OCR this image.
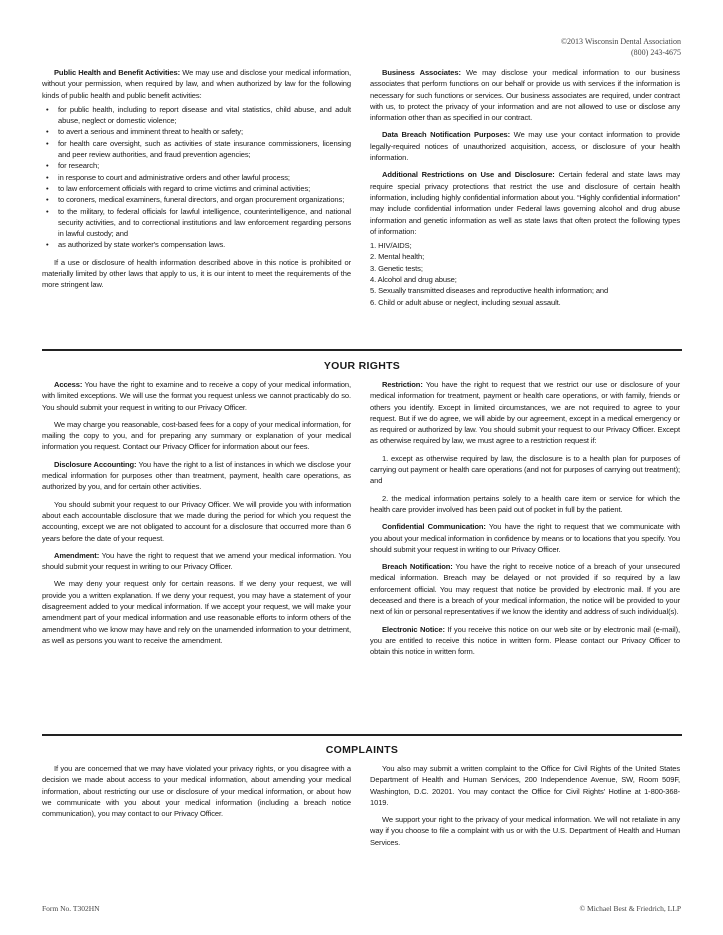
©2013 Wisconsin Dental Association
(800) 243-4675

Public Health and Benefit Activities: We may use and disclose your medical information, without your permission, when required by law, and when authorized by law for the following kinds of public health and public benefit activities:

• for public health, including to report disease and vital statistics, child abuse, and adult abuse, neglect or domestic violence;
• to avert a serious and imminent threat to health or safety;
• for health care oversight, such as activities of state insurance commissioners, licensing and peer review authorities, and fraud prevention agencies;
• for research;
• in response to court and administrative orders and other lawful process;
• to law enforcement officials with regard to crime victims and criminal activities;
• to coroners, medical examiners, funeral directors, and organ procurement organizations;
• to the military, to federal officials for lawful intelligence, counterintelligence, and national security activities, and to correctional institutions and law enforcement regarding persons in lawful custody; and
• as authorized by state worker's compensation laws.

If a use or disclosure of health information described above in this notice is prohibited or materially limited by other laws that apply to us, it is our intent to meet the requirements of the more stringent law.

Business Associates: We may disclose your medical information to our business associates that perform functions on our behalf or provide us with services if the information is necessary for such functions or services. Our business associates are required, under contract with us, to protect the privacy of your information and are not allowed to use or disclose any information other than as specified in our contract.

Data Breach Notification Purposes: We may use your contact information to provide legally-required notices of unauthorized acquisition, access, or disclosure of your health information.

Additional Restrictions on Use and Disclosure: Certain federal and state laws may require special privacy protections that restrict the use and disclosure of certain health information, including highly confidential information about you. “Highly confidential information” may include confidential information under Federal laws governing alcohol and drug abuse information and genetic information as well as state laws that often protect the following types of information:

1. HIV/AIDS;
2. Mental health;
3. Genetic tests;
4. Alcohol and drug abuse;
5. Sexually transmitted diseases and reproductive health information; and
6. Child or adult abuse or neglect, including sexual assault.
YOUR RIGHTS

Access: You have the right to examine and to receive a copy of your medical information, with limited exceptions. We will use the format you request unless we cannot practicably do so. You should submit your request in writing to our Privacy Officer.

We may charge you reasonable, cost-based fees for a copy of your medical information, for mailing the copy to you, and for preparing any summary or explanation of your medical information you request. Contact our Privacy Officer for information about our fees.

Disclosure Accounting: You have the right to a list of instances in which we disclose your medical information for purposes other than treatment, payment, health care operations, as authorized by you, and for certain other activities.

You should submit your request to our Privacy Officer. We will provide you with information about each accountable disclosure that we made during the period for which you request the accounting, except we are not obligated to account for a disclosure that occurred more than 6 years before the date of your request.

Amendment: You have the right to request that we amend your medical information. You should submit your request in writing to our Privacy Officer.

We may deny your request only for certain reasons. If we deny your request, we will provide you a written explanation. If we deny your request, you may have a statement of your disagreement added to your medical information. If we accept your request, we will make your amendment part of your medical information and use reasonable efforts to inform others of the amendment who we know may have and rely on the unamended information to your detriment, as well as persons you want to receive the amendment.

Restriction: You have the right to request that we restrict our use or disclosure of your medical information for treatment, payment or health care operations, or with family, friends or others you identify. Except in limited circumstances, we are not required to agree to your request. But if we do agree, we will abide by our agreement, except in a medical emergency or as required or authorized by law. You should submit your request to our Privacy Officer. Except as otherwise required by law, we must agree to a restriction request if:

1. except as otherwise required by law, the disclosure is to a health plan for purposes of carrying out payment or health care operations (and not for purposes of carrying out treatment); and

2. the medical information pertains solely to a health care item or service for which the health care provider involved has been paid out of pocket in full by the patient.

Confidential Communication: You have the right to request that we communicate with you about your medical information in confidence by means or to locations that you specify. You should submit your request in writing to our Privacy Officer.

Breach Notification: You have the right to receive notice of a breach of your unsecured medical information. Breach may be delayed or not provided if so required by a law enforcement official. You may request that notice be provided by electronic mail. If you are deceased and there is a breach of your medical information, the notice will be provided to your next of kin or personal representatives if we know the identity and address of such individual(s).

Electronic Notice: If you receive this notice on our web site or by electronic mail (e-mail), you are entitled to receive this notice in written form. Please contact our Privacy Officer to obtain this notice in written form.

COMPLAINTS

If you are concerned that we may have violated your privacy rights, or you disagree with a decision we made about access to your medical information, about amending your medical information, about restricting our use or disclosure of your medical information, or about how we communicate with you about your medical information (including a breach notice communication), you may contact to our Privacy Officer.

You also may submit a written complaint to the Office for Civil Rights of the United States Department of Health and Human Services, 200 Independence Avenue, SW, Room 509F, Washington, D.C. 20201. You may contact the Office for Civil Rights' Hotline at 1-800-368-1019.

We support your right to the privacy of your medical information. We will not retaliate in any way if you choose to file a complaint with us or with the U.S. Department of Health and Human Services.

Form No. T302HN	© Michael Best & Friedrich, LLP
